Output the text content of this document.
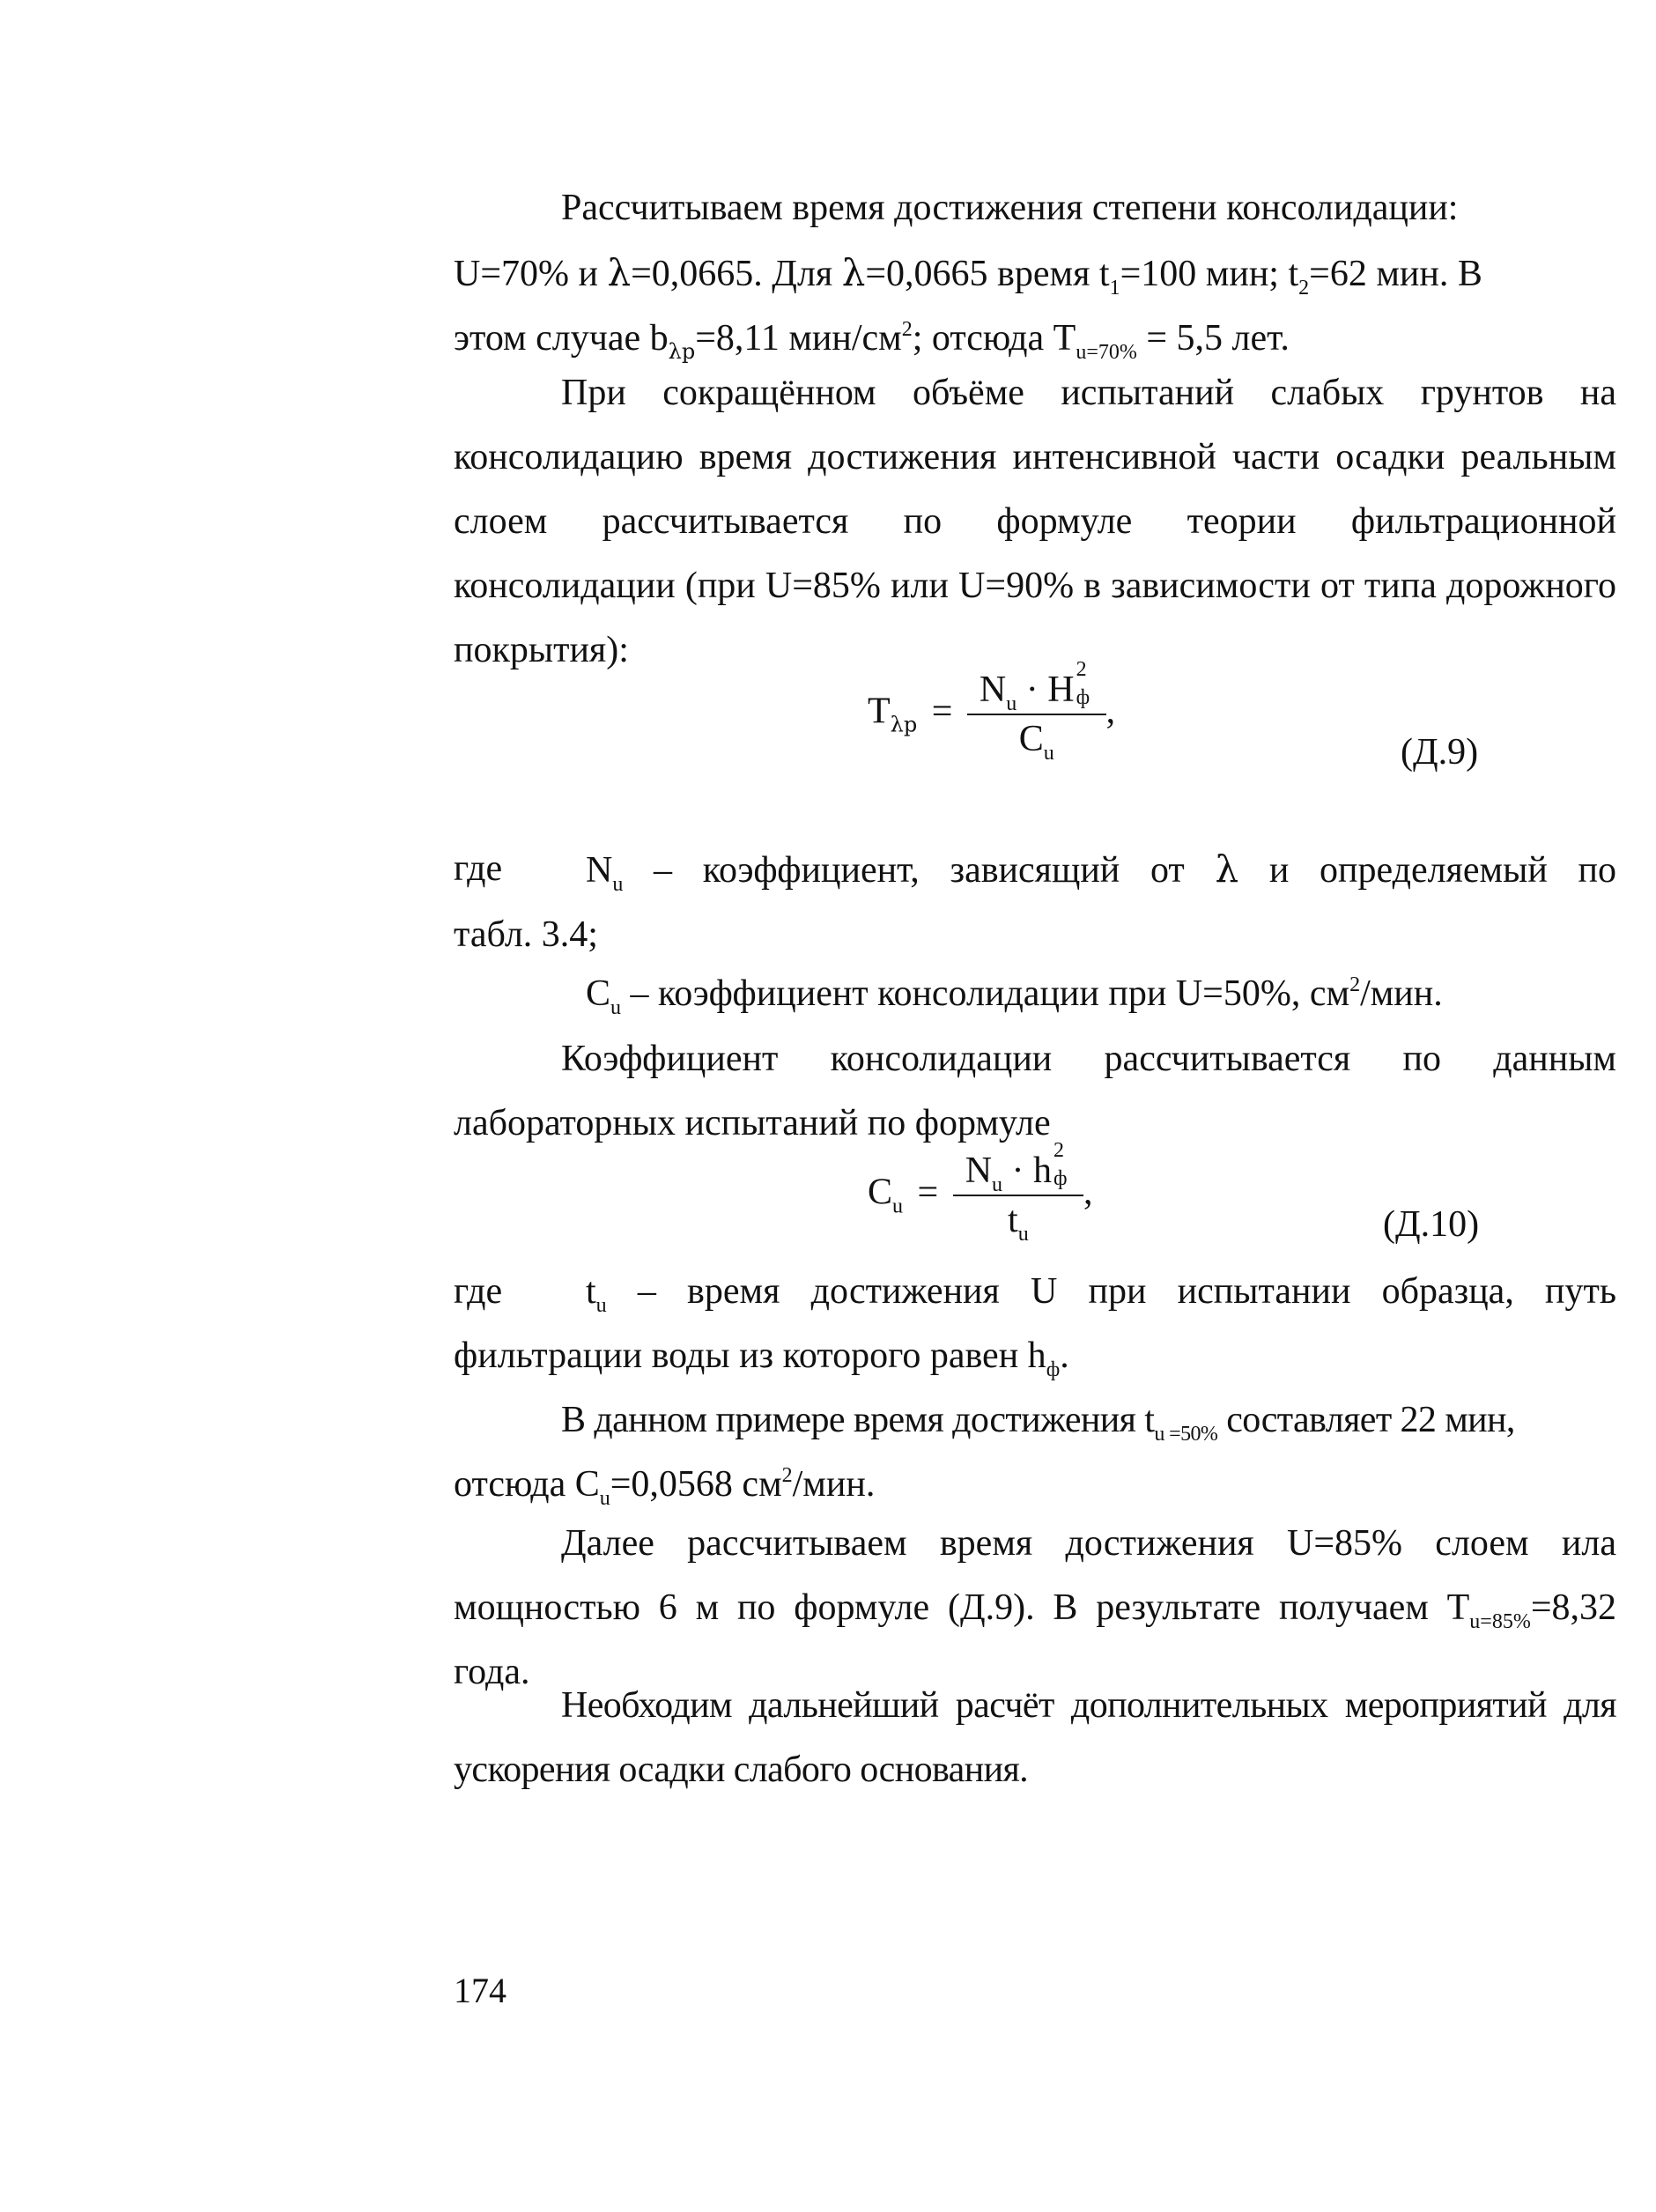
Рассчитываем время достижения степени консолидации:

U=70% и λ=0,0665. Для λ=0,0665 время $t_1=100$ мин; $t_2=62$ мин. В

этом случае $b_{\lambda р}=8,11$ мин/$см^2$; отсюда $T_{u=70\%} = 5,5$ лет.

При сокращённом объёме испытаний слабых грунтов на консолидацию время достижения интенсивной части осадки реальным слоем рассчитывается по формуле теории фильтрационной консолидации (при U=85% или U=90% в зависимости от типа дорожного покрытия):
$T_{\lambda р} = N_u \cdot H$ 2
ф
$C_u$ ,
(Д.9)
где	$N_u$ – коэффициент, зависящий от λ и определяемый по
табл. 3.4;
$C_u$ – коэффициент консолидации при U=50%, $см^2$/мин.
Коэффициент консолидации рассчитывается по данным лабораторных испытаний по формуле
$C_u = N_u \cdot h$ 2
ф
$t_u$ ,
(Д.10)
где	$t_u$ – время достижения U при испытании образца, путь
фильтрации воды из которого равен $h_ф$.

В данном примере время достижения $t_{u =50\%}$ составляет 22 мин,

отсюда $C_u=0,0568$ $см^2$/мин.

Далее рассчитываем время достижения U=85% слоем ила мощностью 6 м по формуле (Д.9). В результате получаем $T_{u=85\%}=8,32$ года.
Необходим дальнейший расчёт дополнительных мероприятий для ускорения осадки слабого основания.
174
